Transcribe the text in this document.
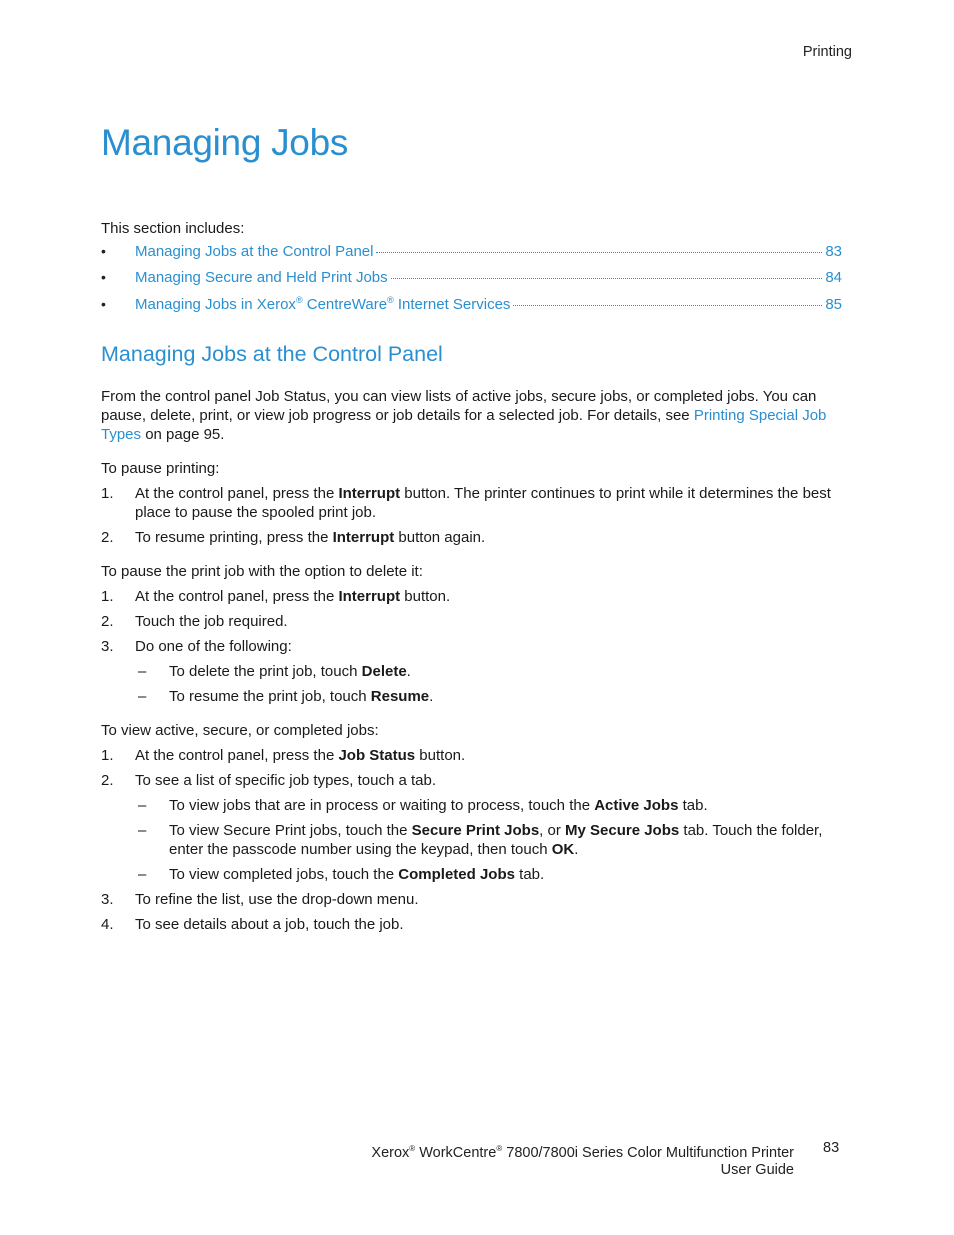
Printing
Managing Jobs
This section includes:
•	Managing Jobs at the Control Panel	83
•	Managing Secure and Held Print Jobs	84
•	Managing Jobs in Xerox® CentreWare® Internet Services	85
Managing Jobs at the Control Panel

From the control panel Job Status, you can view lists of active jobs, secure jobs, or completed jobs. You can pause, delete, print, or view job progress or job details for a selected job. For details, see Printing Special Job Types on page 95.

To pause printing:

1. At the control panel, press the Interrupt button. The printer continues to print while it determines the best place to pause the spooled print job.
2. To resume printing, press the Interrupt button again.

To pause the print job with the option to delete it:

1. At the control panel, press the Interrupt button.
2. Touch the job required.
3. Do one of the following:
– To delete the print job, touch Delete.
– To resume the print job, touch Resume.

To view active, secure, or completed jobs:

1. At the control panel, press the Job Status button.
2. To see a list of specific job types, touch a tab.
– To view jobs that are in process or waiting to process, touch the Active Jobs tab.
– To view Secure Print jobs, touch the Secure Print Jobs, or My Secure Jobs tab. Touch the folder, enter the passcode number using the keypad, then touch OK.
– To view completed jobs, touch the Completed Jobs tab.
3. To refine the list, use the drop-down menu.
4. To see details about a job, touch the job.
Xerox® WorkCentre® 7800/7800i Series Color Multifunction Printer
User Guide
83
